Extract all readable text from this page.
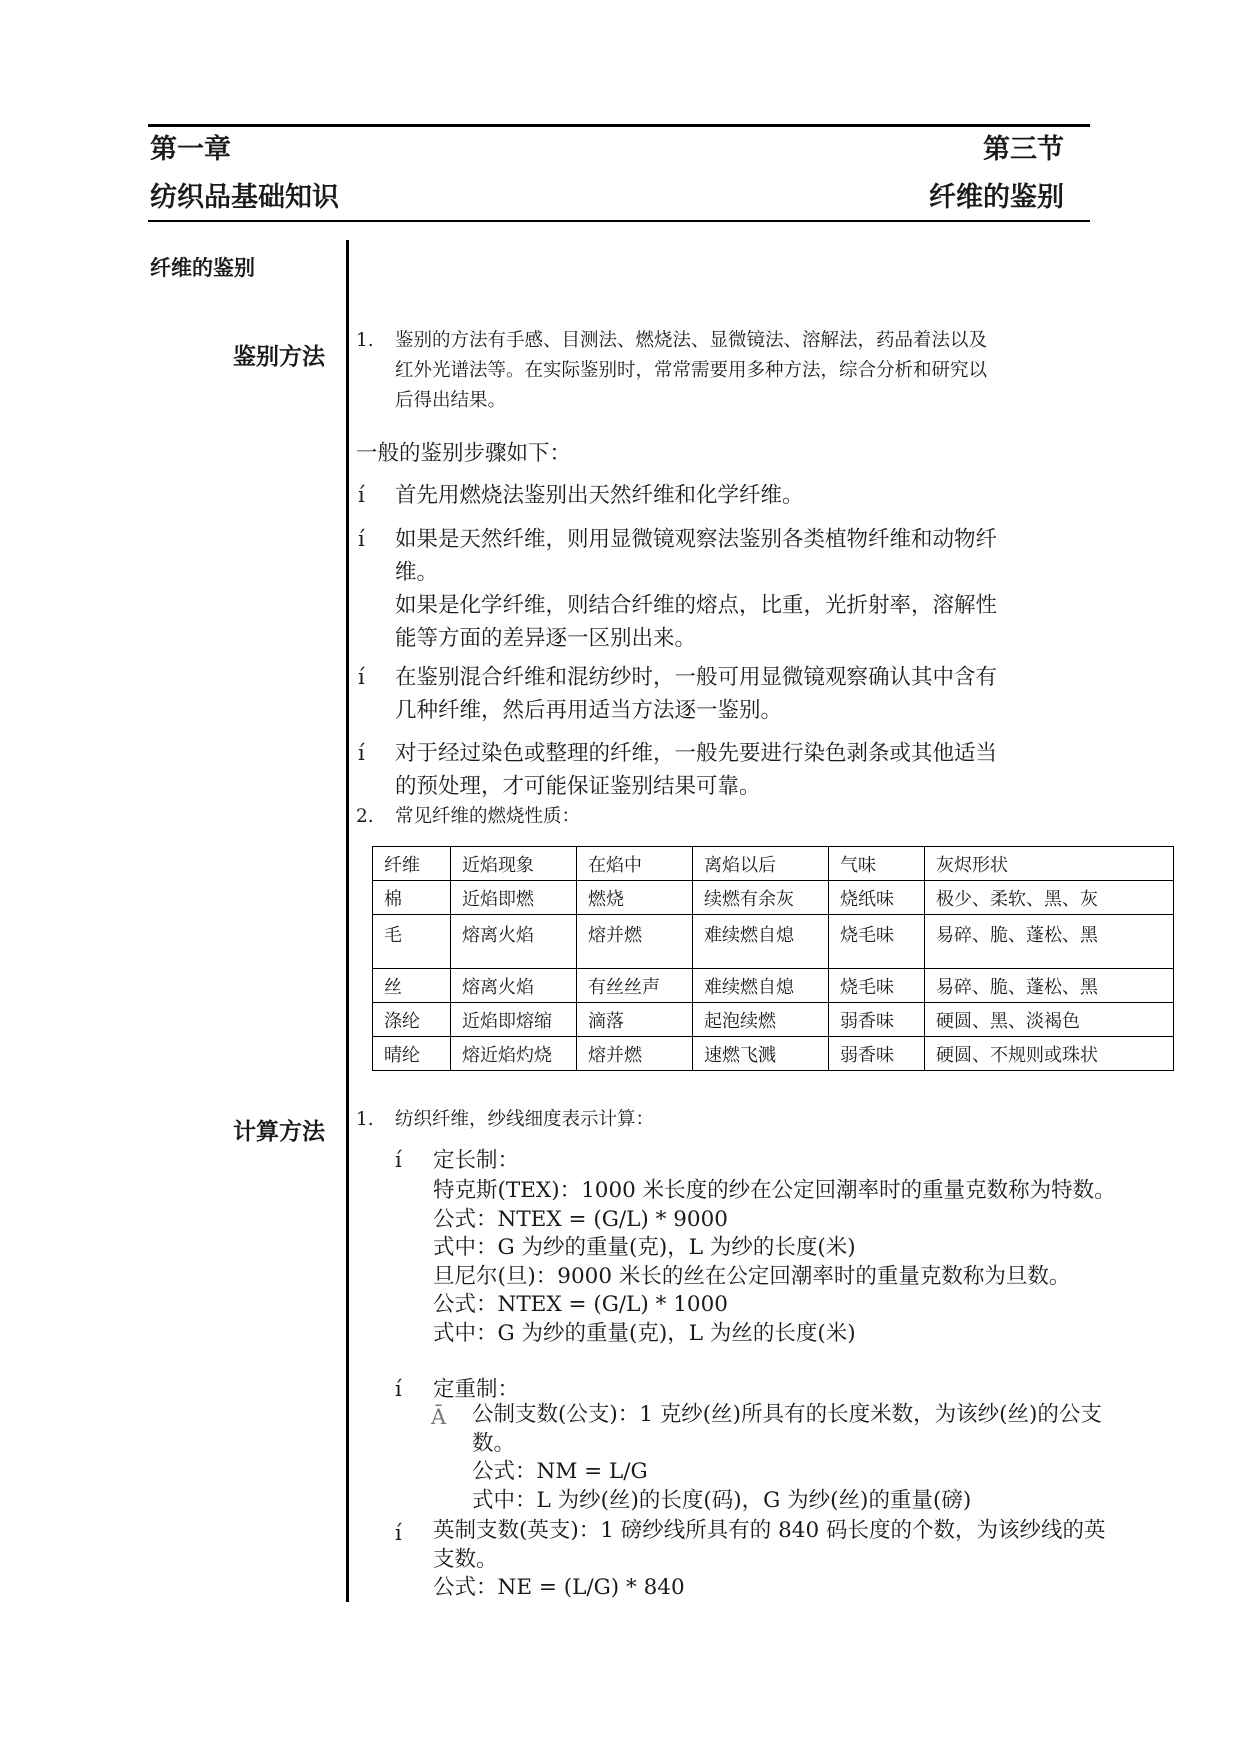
第一章	第三节
纺织品基础知识	纤维的鉴别
纤维的鉴别
鉴别方法
计算方法
1. 鉴别的方法有手感、目测法、燃烧法、显微镜法、溶解法，药品着法以及
红外光谱法等。在实际鉴别时，常常需要用多种方法，综合分析和研究以
后得出结果。
一般的鉴别步骤如下：
í 首先用燃烧法鉴别出天然纤维和化学纤维。
í 如果是天然纤维，则用显微镜观察法鉴别各类植物纤维和动物纤
维。
如果是化学纤维，则结合纤维的熔点，比重，光折射率，溶解性
能等方面的差异逐一区别出来。
í 在鉴别混合纤维和混纺纱时，一般可用显微镜观察确认其中含有
几种纤维，然后再用适当方法逐一鉴别。
í 对于经过染色或整理的纤维，一般先要进行染色剥条或其他适当
的预处理，才可能保证鉴别结果可靠。
2. 常见纤维的燃烧性质：
纤维	近焰现象	在焰中	离焰以后	气味	灰烬形状
棉	近焰即燃	燃烧	续燃有余灰	烧纸味	极少、柔软、黑、灰
毛	熔离火焰	熔并燃	难续燃自熄	烧毛味	易碎、脆、蓬松、黑
丝	熔离火焰	有丝丝声	难续燃自熄	烧毛味	易碎、脆、蓬松、黑
涤纶	近焰即熔缩	滴落	起泡续燃	弱香味	硬圆、黑、淡褐色
晴纶	熔近焰灼烧	熔并燃	速燃飞溅	弱香味	硬圆、不规则或珠状
1. 纺织纤维，纱线细度表示计算：
í 定长制：
特克斯(TEX)：1000 米长度的纱在公定回潮率时的重量克数称为特数。
公式：NTEX = (G/L) * 9000
式中：G 为纱的重量(克)，L 为纱的长度(米)
旦尼尔(旦)：9000 米长的丝在公定回潮率时的重量克数称为旦数。
公式：NTEX = (G/L) * 1000
式中：G 为纱的重量(克)，L 为丝的长度(米)
í 定重制：
Ā 公制支数(公支)：1 克纱(丝)所具有的长度米数，为该纱(丝)的公支
数。
公式：NM = L/G
式中：L 为纱(丝)的长度(码)，G 为纱(丝)的重量(磅)
í 英制支数(英支)：1 磅纱线所具有的 840 码长度的个数，为该纱线的英
支数。
公式：NE = (L/G) * 840
